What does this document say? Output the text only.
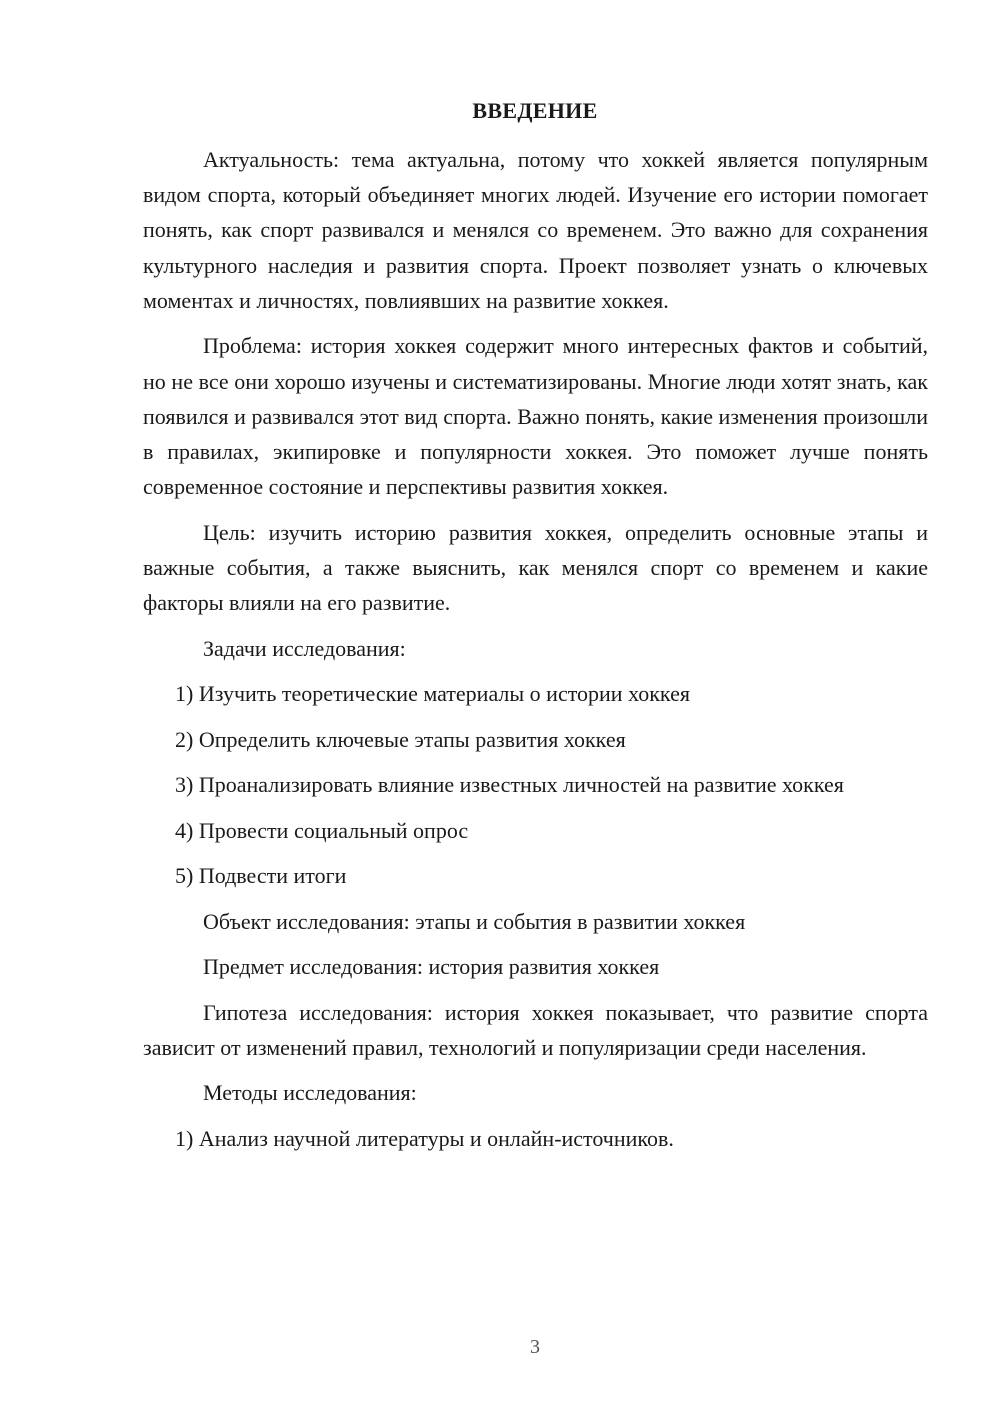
ВВЕДЕНИЕ

Актуальность: тема актуальна, потому что хоккей является популярным видом спорта, который объединяет многих людей. Изучение его истории помогает понять, как спорт развивался и менялся со временем. Это важно для сохранения культурного наследия и развития спорта. Проект позволяет узнать о ключевых моментах и личностях, повлиявших на развитие хоккея.

Проблема: история хоккея содержит много интересных фактов и событий, но не все они хорошо изучены и систематизированы. Многие люди хотят знать, как появился и развивался этот вид спорта. Важно понять, какие изменения произошли в правилах, экипировке и популярности хоккея. Это поможет лучше понять современное состояние и перспективы развития хоккея.

Цель: изучить историю развития хоккея, определить основные этапы и важные события, а также выяснить, как менялся спорт со временем и какие факторы влияли на его развитие.

Задачи исследования:

1) Изучить теоретические материалы о истории хоккея

2) Определить ключевые этапы развития хоккея

3) Проанализировать влияние известных личностей на развитие хоккея

4) Провести социальный опрос

5) Подвести итоги

Объект исследования: этапы и события в развитии хоккея

Предмет исследования: история развития хоккея

Гипотеза исследования: история хоккея показывает, что развитие спорта зависит от изменений правил, технологий и популяризации среди населения.

Методы исследования:

1) Анализ научной литературы и онлайн-источников.

3
